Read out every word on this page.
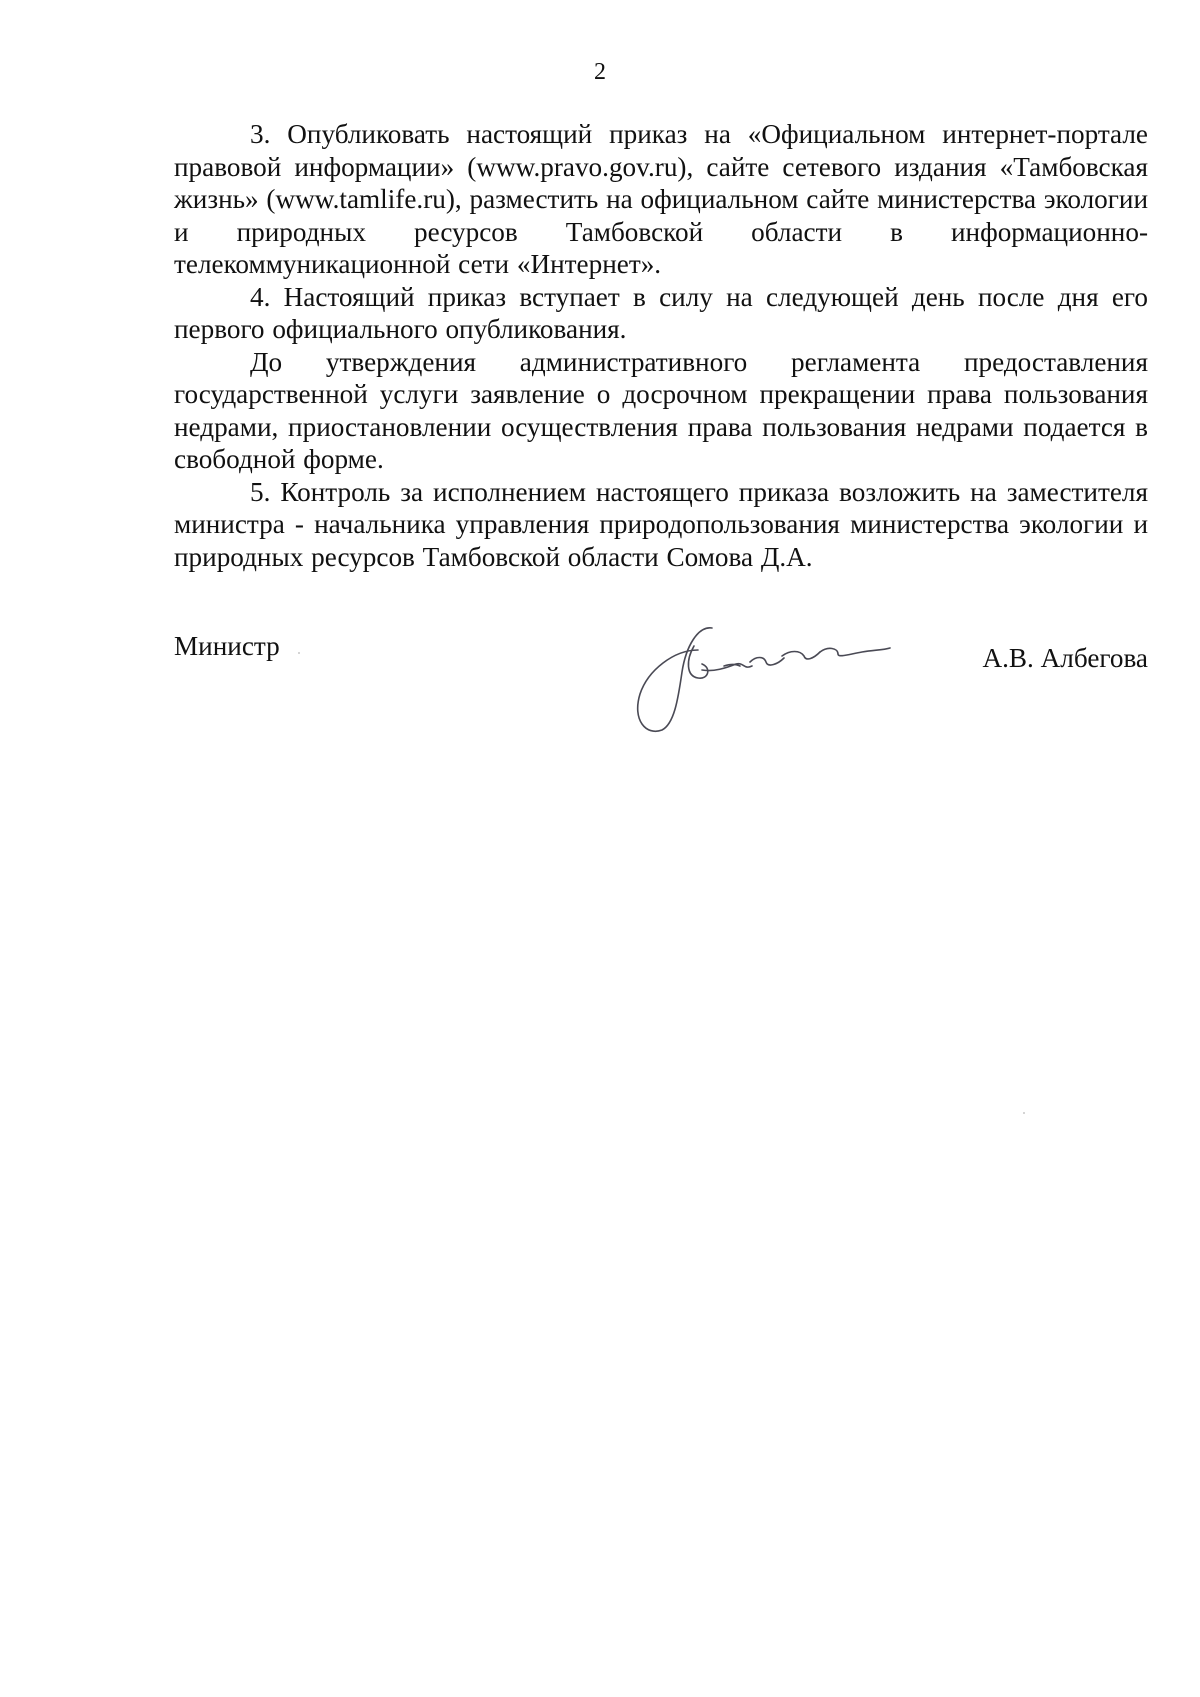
2

3. Опубликовать настоящий приказ на «Официальном интернет-портале правовой информации» (www.pravo.gov.ru), сайте сетевого издания «Тамбовская жизнь» (www.tamlife.ru), разместить на официальном сайте министерства экологии и природных ресурсов Тамбовской области в информационно-телекоммуникационной сети «Интернет».

4. Настоящий приказ вступает в силу на следующей день после дня его первого официального опубликования.

До утверждения административного регламента предоставления государственной услуги заявление о досрочном прекращении права пользования недрами, приостановлении осуществления права пользования недрами подается в свободной форме.

5. Контроль за исполнением настоящего приказа возложить на заместителя министра - начальника управления природопользования министерства экологии и природных ресурсов Тамбовской области Сомова Д.А.

Министр	А.В. Албегова
